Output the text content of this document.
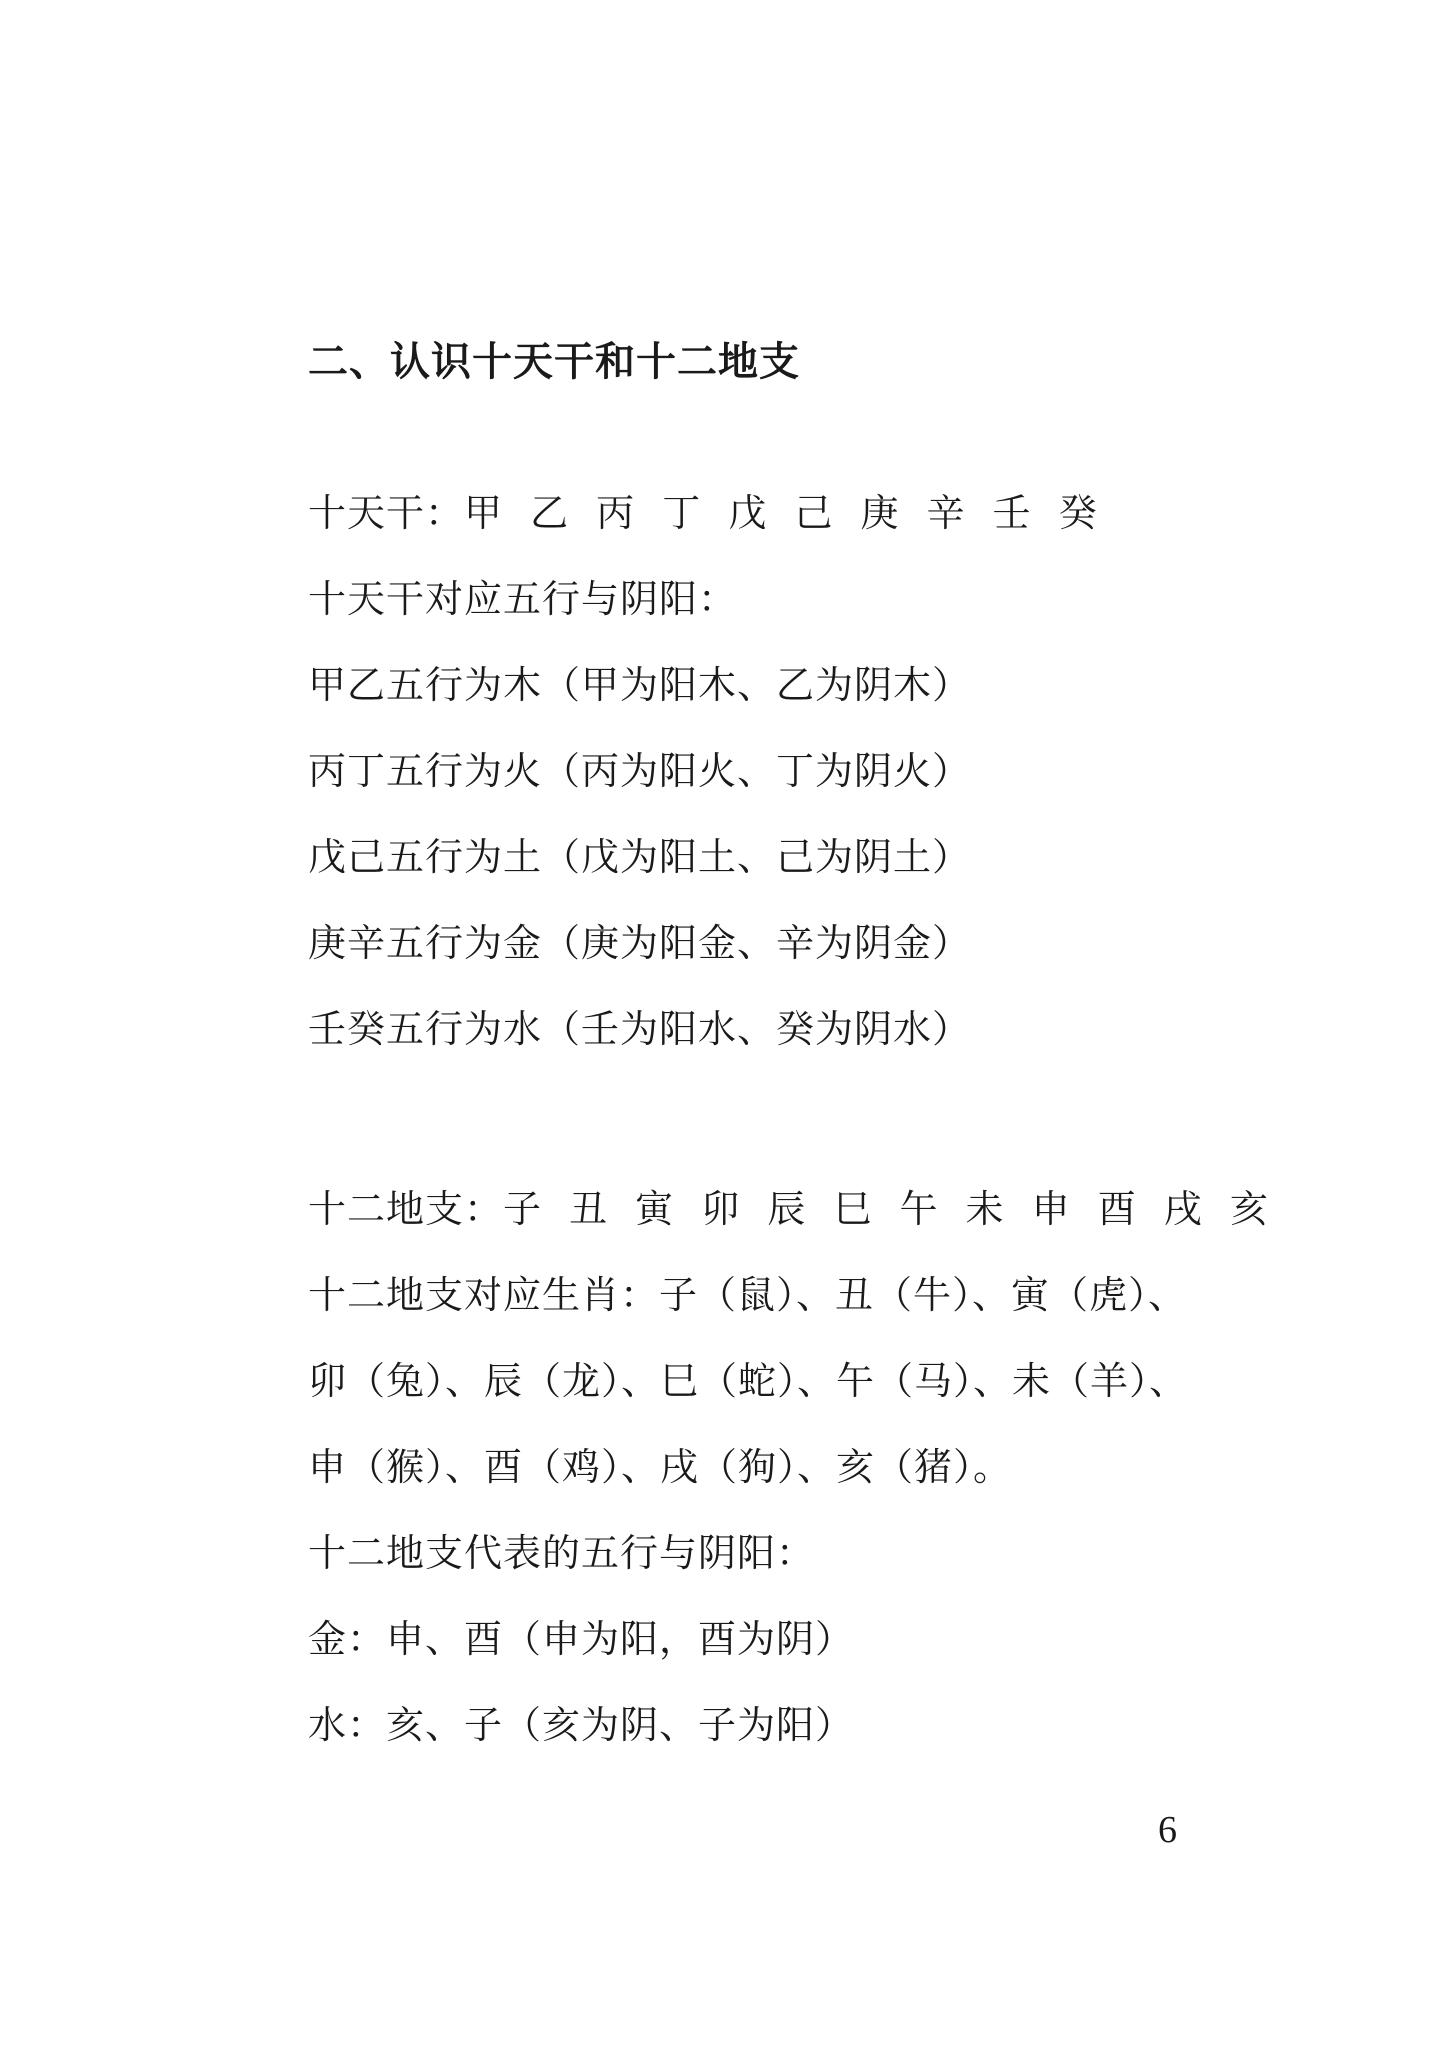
二、认识十天干和十二地支
十天干：甲 乙 丙 丁 戊 己 庚 辛 壬 癸
十天干对应五行与阴阳：
甲乙五行为木（甲为阳木、乙为阴木）
丙丁五行为火（丙为阳火、丁为阴火）
戊己五行为土（戊为阳土、己为阴土）
庚辛五行为金（庚为阳金、辛为阴金）
壬癸五行为水（壬为阳水、癸为阴水）
十二地支：子 丑 寅 卯 辰 巳 午 未 申 酉 戌 亥
十二地支对应生肖：子（鼠）、丑（牛）、寅（虎）、
卯（兔）、辰（龙）、巳（蛇）、午（马）、未（羊）、
申（猴）、酉（鸡）、戌（狗）、亥（猪）。
十二地支代表的五行与阴阳：
金：申、酉（申为阳，酉为阴）
水：亥、子（亥为阴、子为阳）
6
